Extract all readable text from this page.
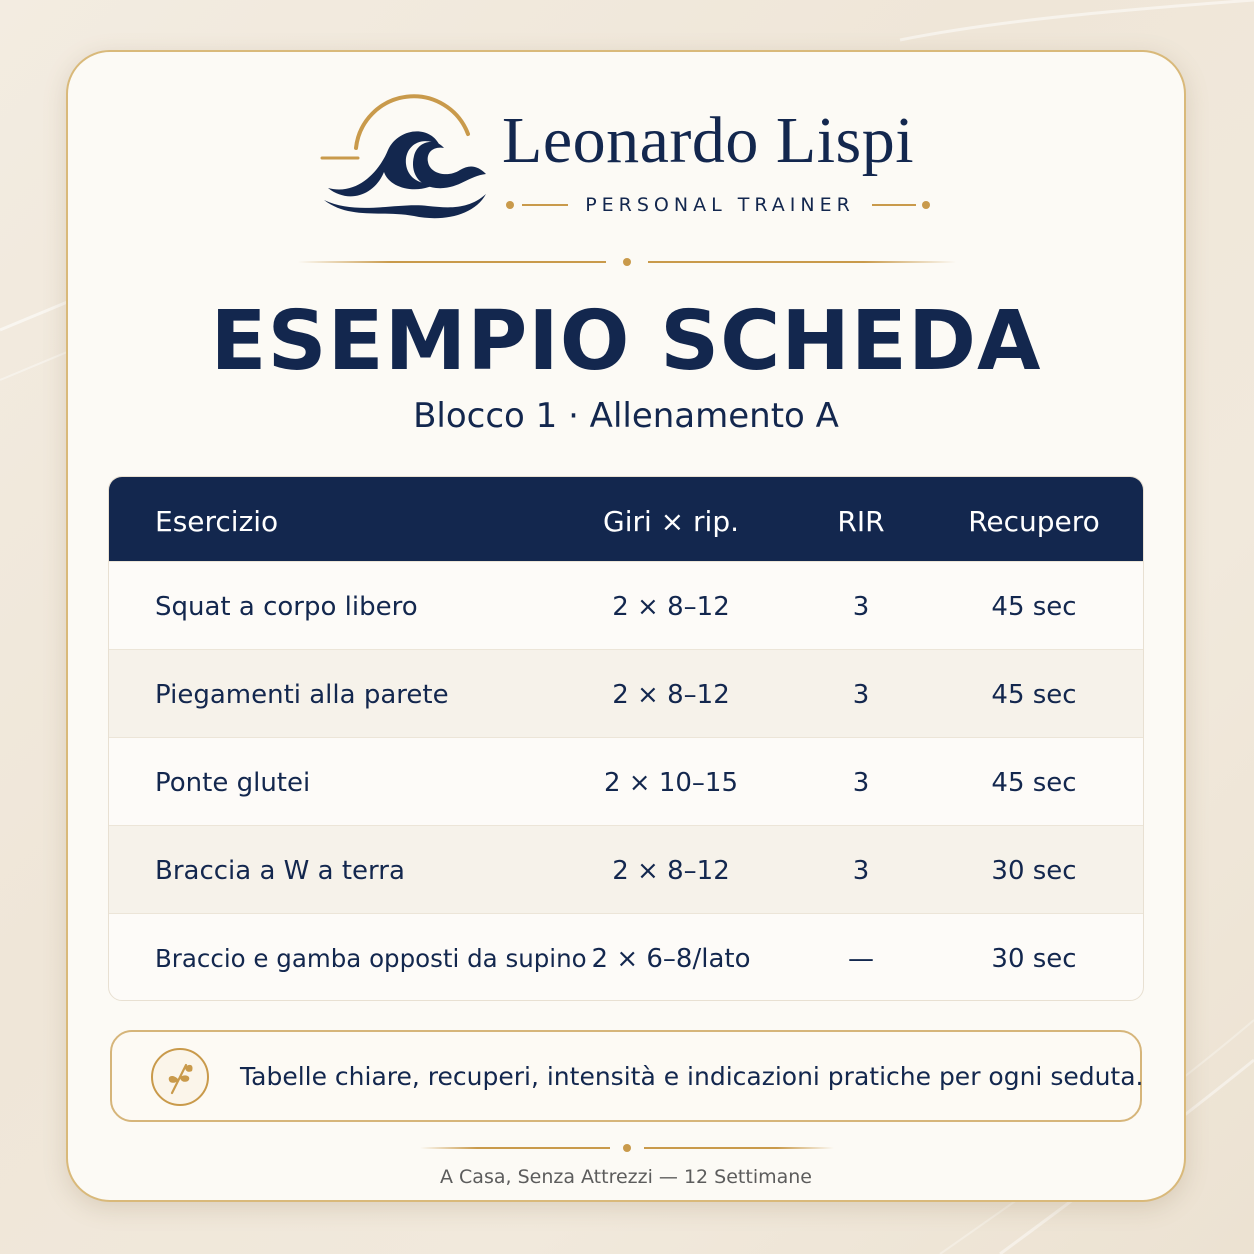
Leonardo Lispi
PERSONAL TRAINER
ESEMPIO SCHEDA
Blocco 1 · Allenamento A
Esercizio	Giri × rip.	RIR	Recupero
Squat a corpo libero	2 × 8–12	3	45 sec
Piegamenti alla parete	2 × 8–12	3	45 sec
Ponte glutei	2 × 10–15	3	45 sec
Braccia a W a terra	2 × 8–12	3	30 sec
Braccio e gamba opposti da supino 2 × 6–8/lato	—	30 sec
Tabelle chiare, recuperi, intensità e indicazioni pratiche per ogni seduta.
A Casa, Senza Attrezzi — 12 Settimane
